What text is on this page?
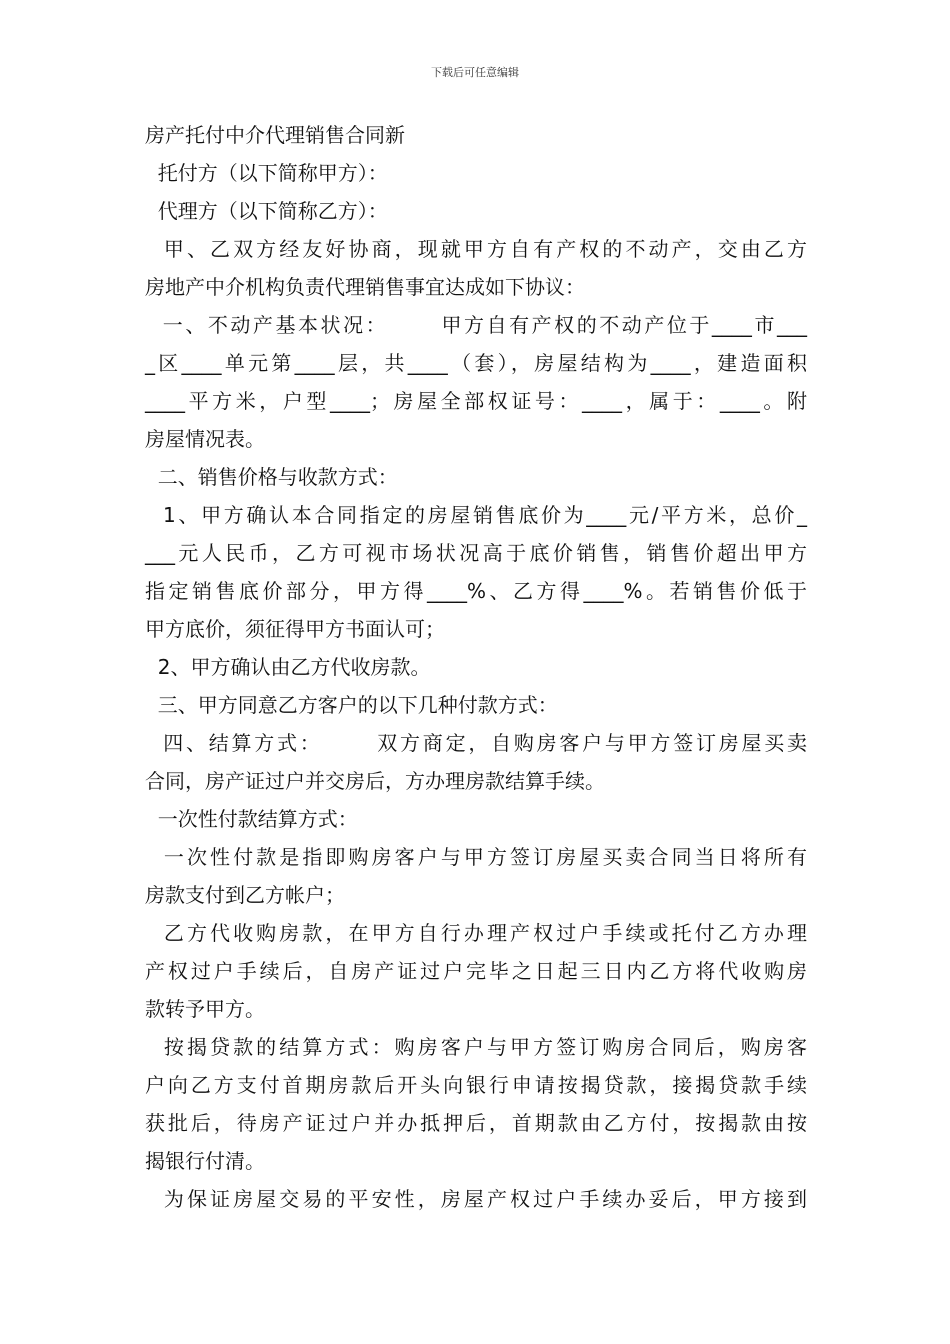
下载后可任意编辑
房产托付中介代理销售合同新
托付方（以下简称甲方）：
代理方（以下简称乙方）：
甲、乙双方经友好协商，现就甲方自有产权的不动产，交由乙方
房地产中介机构负责代理销售事宜达成如下协议：
一、不动产基本状况：      甲方自有产权的不动产位于____市___
_区____单元第____层，共____（套），房屋结构为____，建造面积
____平方米，户型____；房屋全部权证号：____，属于：____。附
房屋情况表。
二、销售价格与收款方式：
1、甲方确认本合同指定的房屋销售底价为____元/平方米，总价_
___元人民币，乙方可视市场状况高于底价销售，销售价超出甲方
指定销售底价部分，甲方得____%、乙方得____%。若销售价低于
甲方底价，须征得甲方书面认可；
2、甲方确认由乙方代收房款。
三、甲方同意乙方客户的以下几种付款方式：
四、结算方式：      双方商定，自购房客户与甲方签订房屋买卖
合同，房产证过户并交房后，方办理房款结算手续。
一次性付款结算方式：
一次性付款是指即购房客户与甲方签订房屋买卖合同当日将所有
房款支付到乙方帐户；
乙方代收购房款，在甲方自行办理产权过户手续或托付乙方办理
产权过户手续后，自房产证过户完毕之日起三日内乙方将代收购房
款转予甲方。
按揭贷款的结算方式：购房客户与甲方签订购房合同后，购房客
户向乙方支付首期房款后开头向银行申请按揭贷款，接揭贷款手续
获批后，待房产证过户并办抵押后，首期款由乙方付，按揭款由按
揭银行付清。
为保证房屋交易的平安性，房屋产权过户手续办妥后，甲方接到
